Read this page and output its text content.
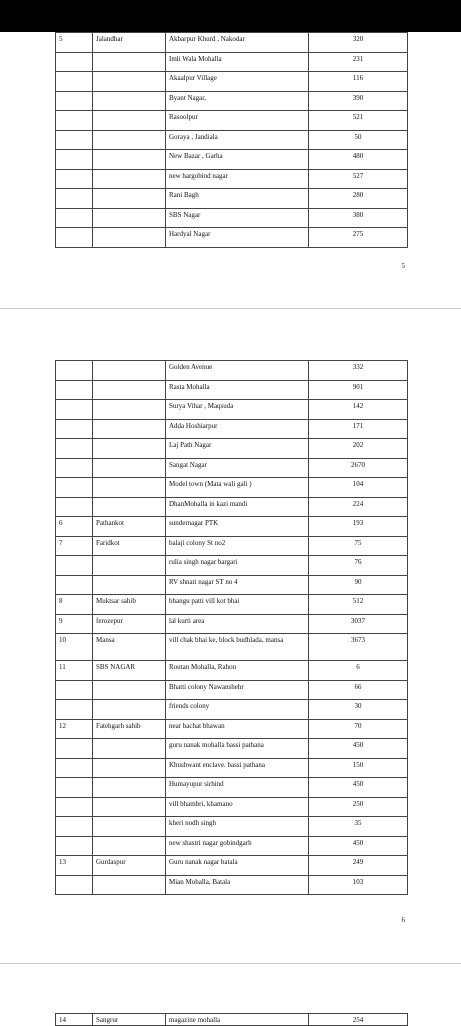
5	Jalandhar	Akbarpur Khurd , Nakodar	320
		Imli Wala Mohalla	231
		Akaalpur Village	116
		Byant Nagar,	390
		Rasoolpur	521
		Goraya , Jandiala	50
		New Bazar , Garha	480
		new hargobind nagar	527
		Rani Bagh	280
		SBS Nagar	380
		Hardyal Nagar	275
5
		Golden Avenue	332
		Rasta Mohalla	901
		Surya Vihar , Maqsuda	142
		Adda Hoshiarpur	171
		Laj Path Nagar	202
		Sangat Nagar	2670
		Model town (Mata wali gali )	104
		DhanMohalla in kazi mandi	224
6	Pathankot	sundernagar PTK	193
7	Faridkot	balaji colony St no2	75
		rulia singh nagar bargari	76
		RV shnati nagar ST no 4	90
8	Muktsar sahib	bhangu patti vill kot bhai	512
9	ferozepur	lal kurti area	3037
10	Mansa	vill chak bhai ke, block budhlada, mansa	3673
11	SBS NAGAR	Routan Mohalla, Rahon	6
		Bhatti colony Nawanshehr	66
		friends colony	30
12	Fatehgarh sahib	near bachat bhawan	70
		guru nanak mohalla bassi pathana	450
		Khushwant enclave. bassi pathana	150
		Humayupur sirhind	450
		vill bhambri, khamano	250
		kheri nodh singh	35
		new shastri nagar gobindgarh	450
13	Gurdaspur	Guru nanak nagar batala	249
		Mian Mohalla, Batala	103
6
14	Sangrur	magazine mohalla	254
